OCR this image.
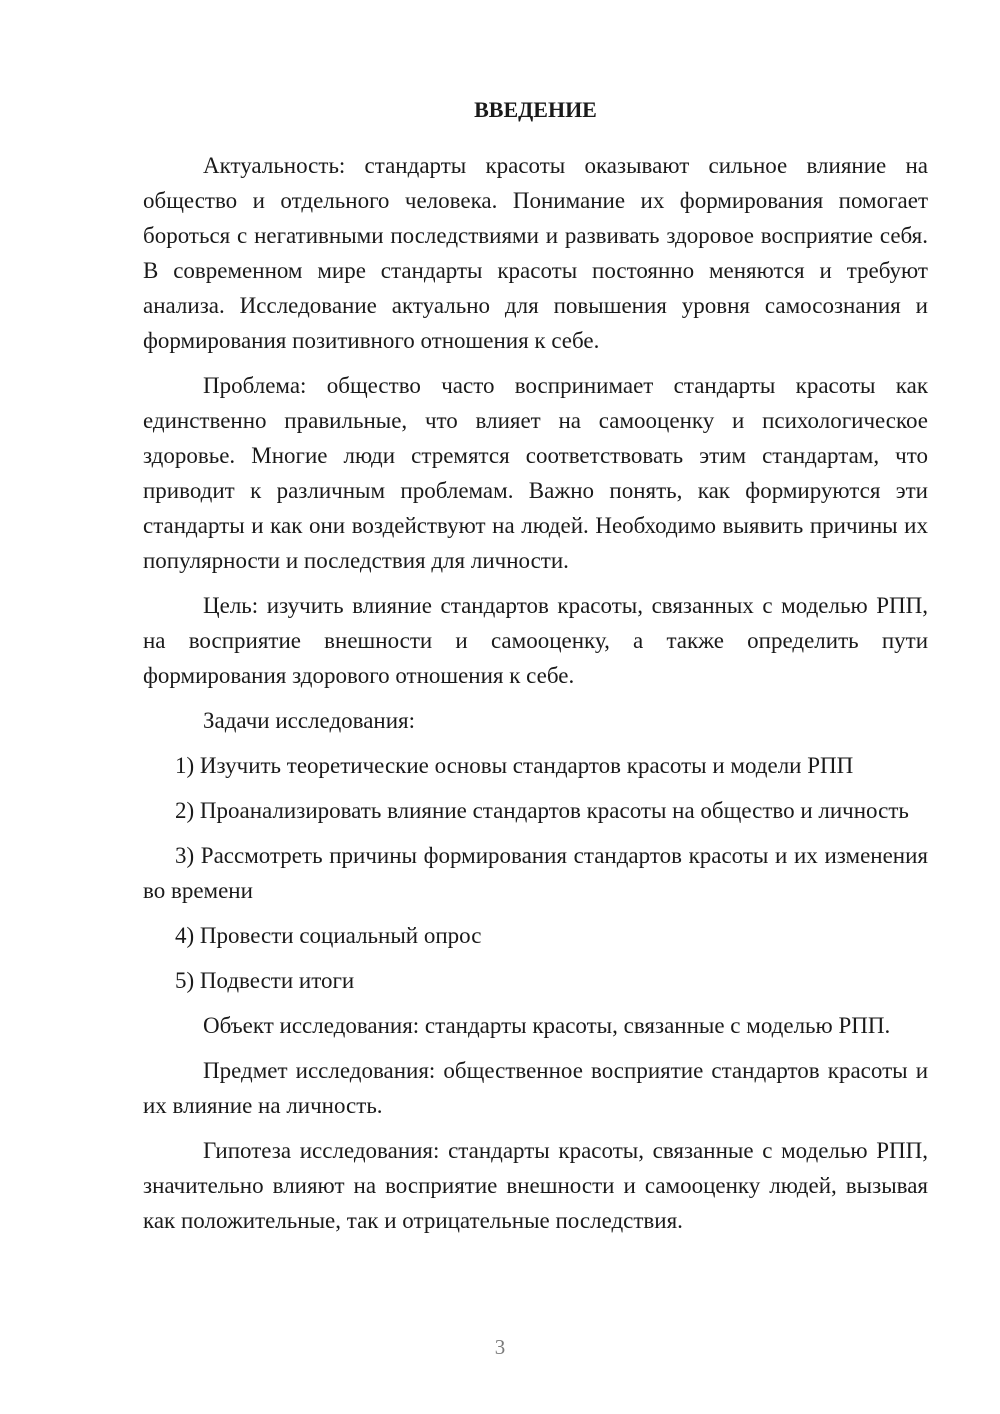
ВВЕДЕНИЕ

Актуальность: стандарты красоты оказывают сильное влияние на общество и отдельного человека. Понимание их формирования помогает бороться с негативными последствиями и развивать здоровое восприятие себя. В современном мире стандарты красоты постоянно меняются и требуют анализа. Исследование актуально для повышения уровня самосознания и формирования позитивного отношения к себе.

Проблема: общество часто воспринимает стандарты красоты как единственно правильные, что влияет на самооценку и психологическое здоровье. Многие люди стремятся соответствовать этим стандартам, что приводит к различным проблемам. Важно понять, как формируются эти стандарты и как они воздействуют на людей. Необходимо выявить причины их популярности и последствия для личности.

Цель: изучить влияние стандартов красоты, связанных с моделью РПП, на восприятие внешности и самооценку, а также определить пути формирования здорового отношения к себе.

Задачи исследования:

1) Изучить теоретические основы стандартов красоты и модели РПП

2) Проанализировать влияние стандартов красоты на общество и личность

3) Рассмотреть причины формирования стандартов красоты и их изменения во времени

4) Провести социальный опрос

5) Подвести итоги

Объект исследования: стандарты красоты, связанные с моделью РПП.

Предмет исследования: общественное восприятие стандартов красоты и их влияние на личность.

Гипотеза исследования: стандарты красоты, связанные с моделью РПП, значительно влияют на восприятие внешности и самооценку людей, вызывая как положительные, так и отрицательные последствия.

3
